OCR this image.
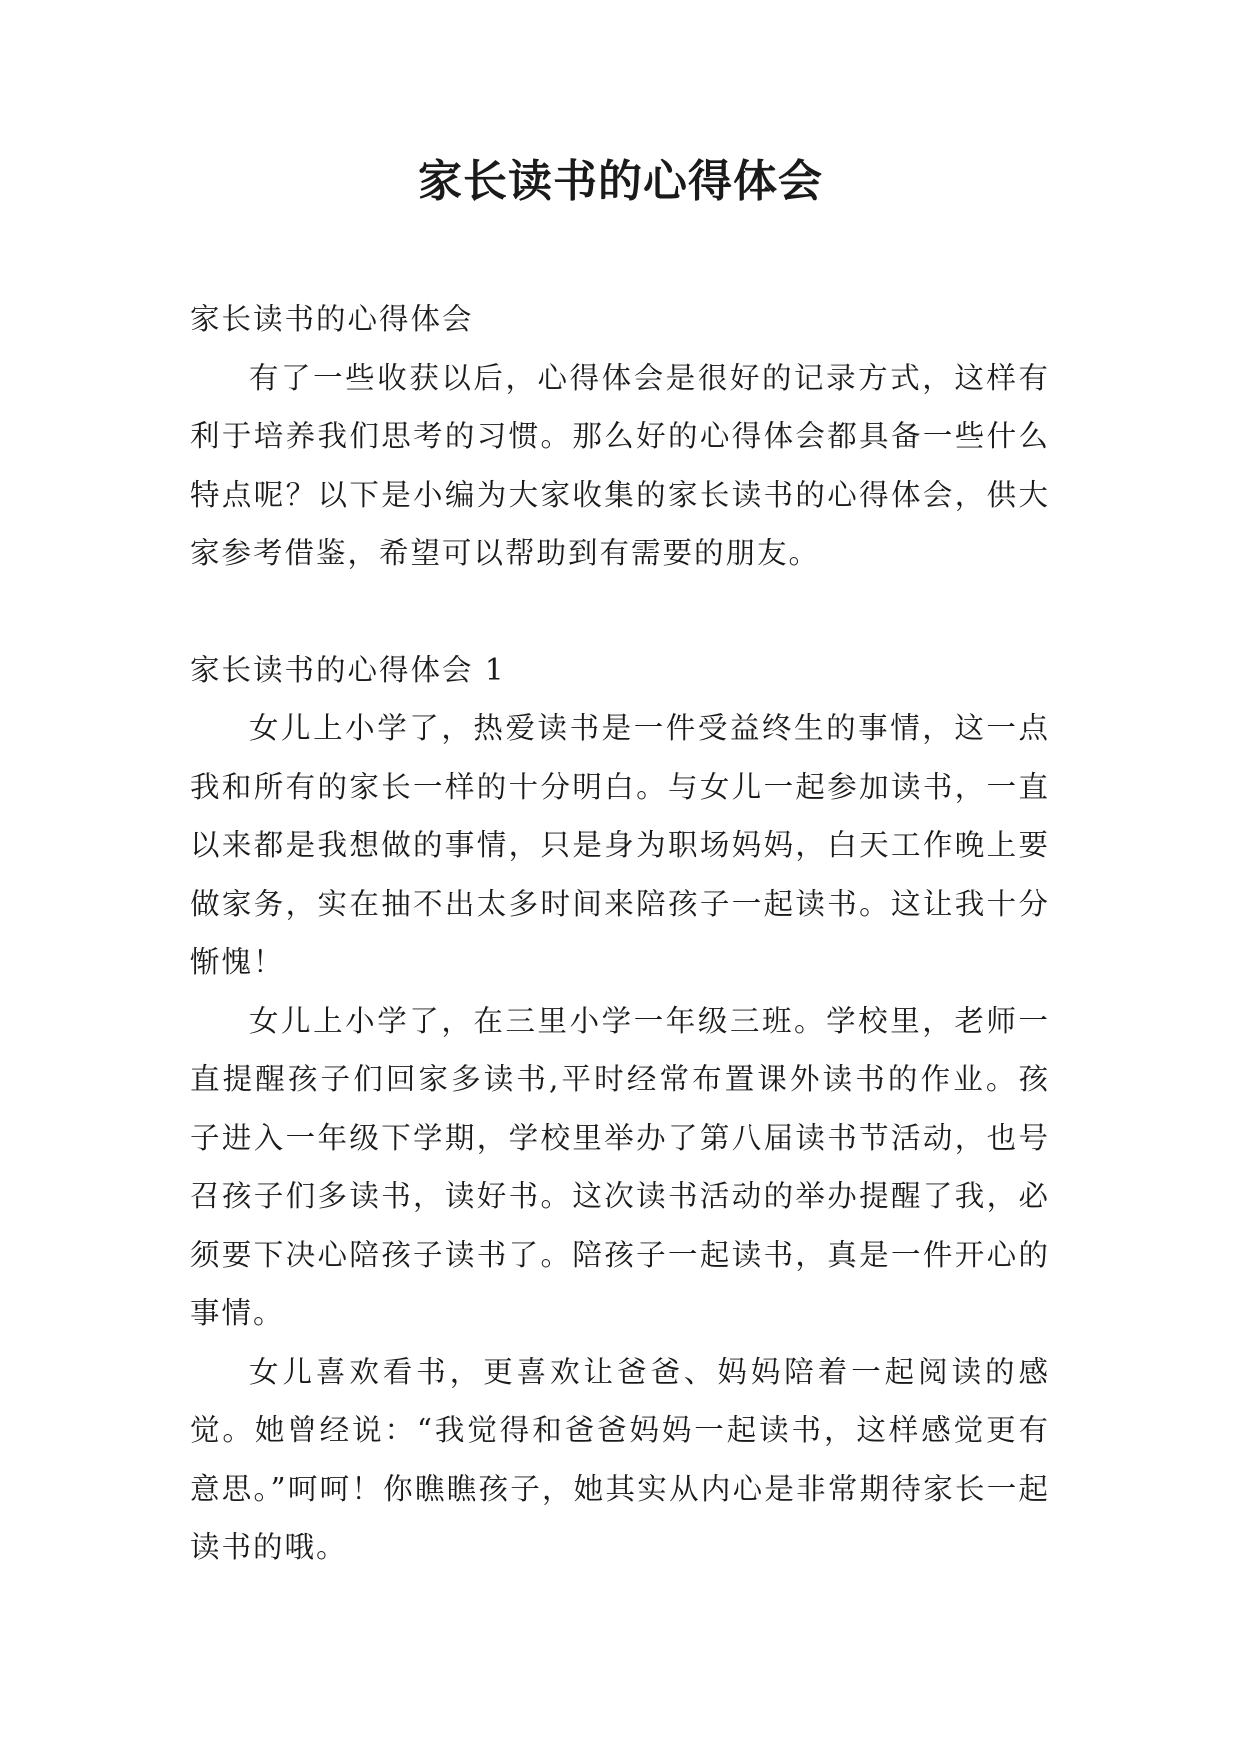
家长读书的心得体会

家长读书的心得体会

有了一些收获以后，心得体会是很好的记录方式，这样有利于培养我们思考的习惯。那么好的心得体会都具备一些什么特点呢？以下是小编为大家收集的家长读书的心得体会，供大家参考借鉴，希望可以帮助到有需要的朋友。

家长读书的心得体会 1

女儿上小学了，热爱读书是一件受益终生的事情，这一点我和所有的家长一样的十分明白。与女儿一起参加读书，一直以来都是我想做的事情，只是身为职场妈妈，白天工作晚上要做家务，实在抽不出太多时间来陪孩子一起读书。这让我十分惭愧！

女儿上小学了，在三里小学一年级三班。学校里，老师一直提醒孩子们回家多读书,平时经常布置课外读书的作业。孩子进入一年级下学期，学校里举办了第八届读书节活动，也号召孩子们多读书，读好书。这次读书活动的举办提醒了我，必须要下决心陪孩子读书了。陪孩子一起读书，真是一件开心的事情。

女儿喜欢看书，更喜欢让爸爸、妈妈陪着一起阅读的感觉。她曾经说：“我觉得和爸爸妈妈一起读书，这样感觉更有意思。”呵呵！你瞧瞧孩子，她其实从内心是非常期待家长一起读书的哦。
